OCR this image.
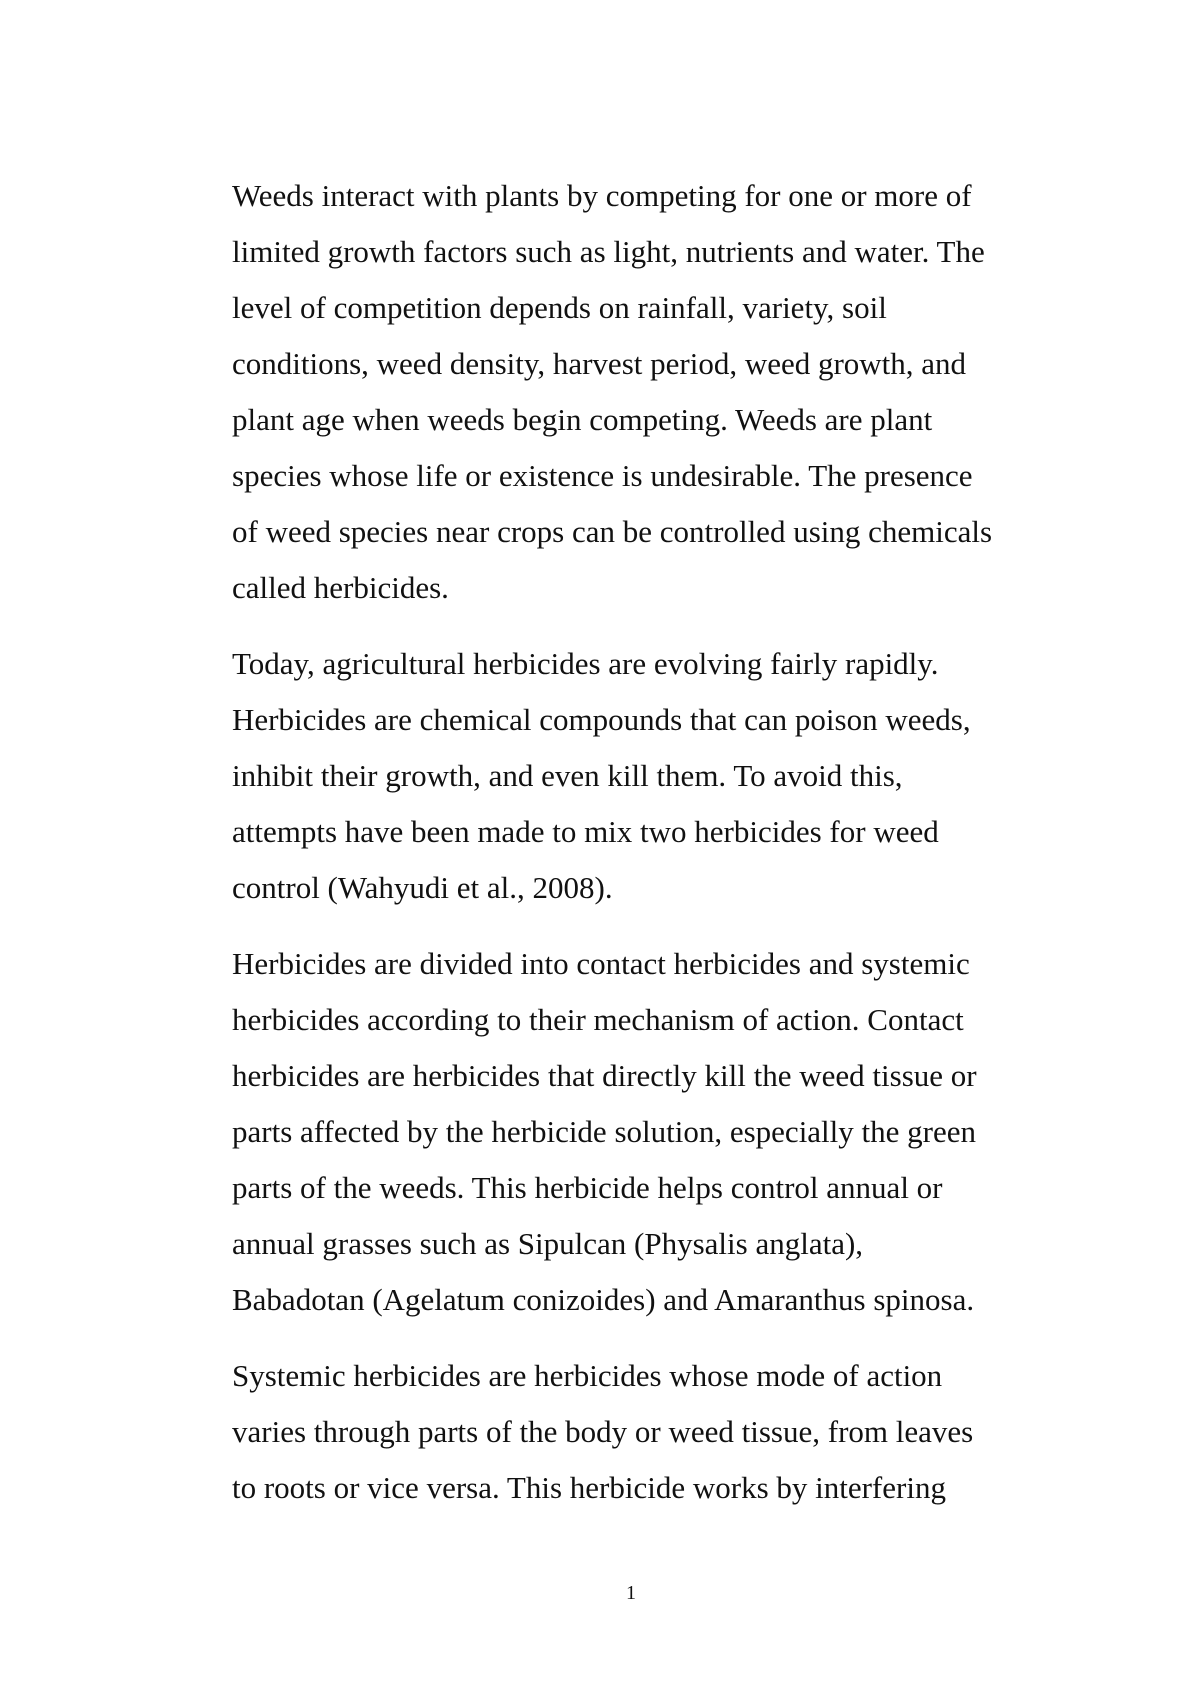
Weeds interact with plants by competing for one or more of
limited growth factors such as light, nutrients and water. The
level of competition depends on rainfall, variety, soil
conditions, weed density, harvest period, weed growth, and
plant age when weeds begin competing. Weeds are plant
species whose life or existence is undesirable. The presence
of weed species near crops can be controlled using chemicals
called herbicides.
Today, agricultural herbicides are evolving fairly rapidly.
Herbicides are chemical compounds that can poison weeds,
inhibit their growth, and even kill them. To avoid this,
attempts have been made to mix two herbicides for weed
control (Wahyudi et al., 2008).
Herbicides are divided into contact herbicides and systemic
herbicides according to their mechanism of action. Contact
herbicides are herbicides that directly kill the weed tissue or
parts affected by the herbicide solution, especially the green
parts of the weeds. This herbicide helps control annual or
annual grasses such as Sipulcan (Physalis anglata),
Babadotan (Agelatum conizoides) and Amaranthus spinosa.
Systemic herbicides are herbicides whose mode of action
varies through parts of the body or weed tissue, from leaves
to roots or vice versa. This herbicide works by interfering
1
